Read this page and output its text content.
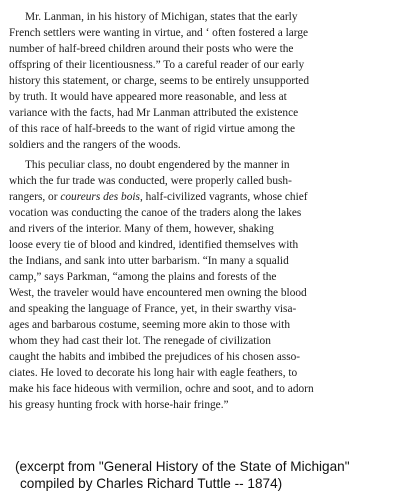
Mr. Lanman, in his history of Michigan, states that the early
French settlers were wanting in virtue, and ‘ often fostered a large
number of half-breed children around their posts who were the
offspring of their licentiousness.” To a careful reader of our early
history this statement, or charge, seems to be entirely unsupported
by truth. It would have appeared more reasonable, and less at
variance with the facts, had Mr Lanman attributed the existence
of this race of half-breeds to the want of rigid virtue among the
soldiers and the rangers of the woods.
This peculiar class, no doubt engendered by the manner in
which the fur trade was conducted, were properly called bush-
rangers, or coureurs des bois, half-civilized vagrants, whose chief
vocation was conducting the canoe of the traders along the lakes
and rivers of the interior. Many of them, however, shaking
loose every tie of blood and kindred, identified themselves with
the Indians, and sank into utter barbarism. “In many a squalid
camp,” says Parkman, “among the plains and forests of the
West, the traveler would have encountered men owning the blood
and speaking the language of France, yet, in their swarthy visa-
ages and barbarous costume, seeming more akin to those with
whom they had cast their lot. The renegade of civilization
caught the habits and imbibed the prejudices of his chosen asso-
ciates. He loved to decorate his long hair with eagle feathers, to
make his face hideous with vermilion, ochre and soot, and to adorn
his greasy hunting frock with horse-hair fringe.”
(excerpt from "General History of the State of Michigan"
compiled by Charles Richard Tuttle -- 1874)
